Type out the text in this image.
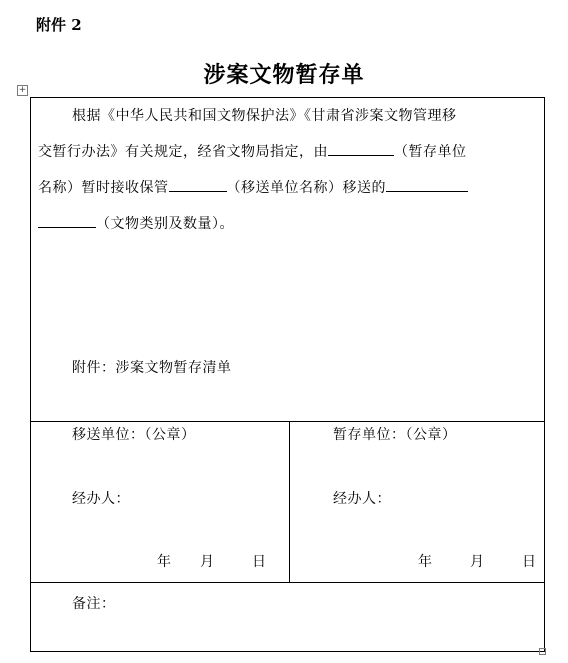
附件 2
涉案文物暂存单
+
根据《中华人民共和国文物保护法》《甘肃省涉案文物管理移
交暂行办法》有关规定，经省文物局指定，由	（暂存单位
名称）暂时接收保管	（移送单位名称）移送的
（文物类别及数量）。
附件：涉案文物暂存清单
移送单位：（公章）
经办人：
年 月	日
暂存单位：（公章）
经办人：
年	月	日
备注：
